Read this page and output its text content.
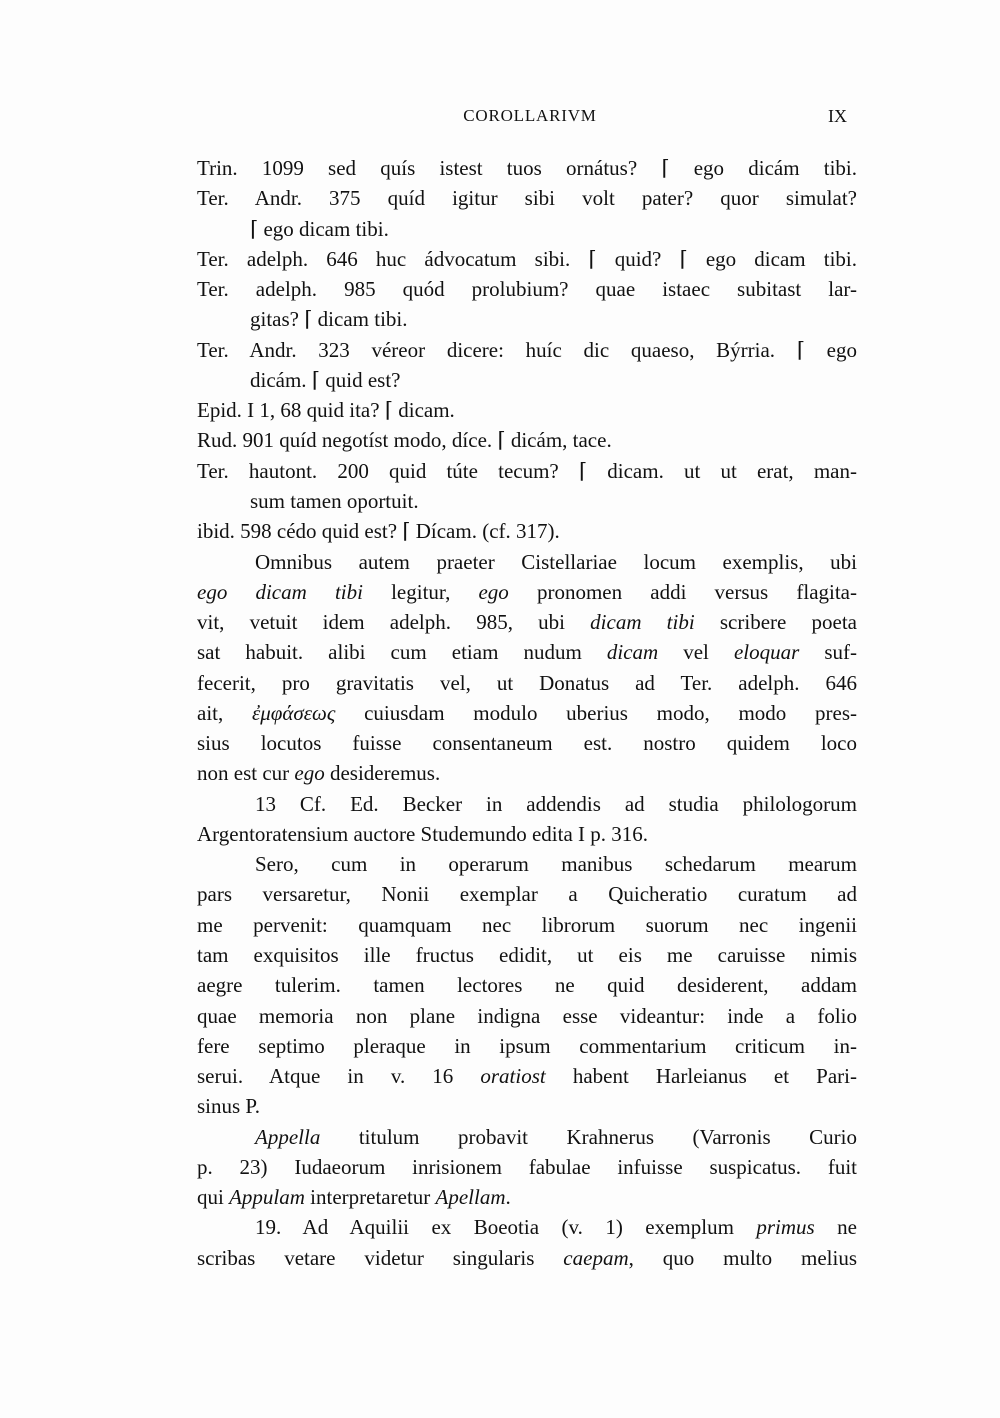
COROLLARIVM	IX
Trin. 1099 sed quís istest tuos ornátus? ⌈ ego dicám tibi.
Ter. Andr. 375 quíd igitur sibi volt pater? quor simulat?
⌈ ego dicam tibi.
Ter. adelph. 646 huc ádvocatum sibi. ⌈ quid? ⌈ ego dicam tibi.
Ter. adelph. 985 quód prolubium? quae istaec subitast lar-
gitas? ⌈ dicam tibi.
Ter. Andr. 323 véreor dicere: huíc dic quaeso, Býrria. ⌈ ego
dicám. ⌈ quid est?
Epid. I 1, 68 quid ita? ⌈ dicam.
Rud. 901 quíd negotíst modo, díce. ⌈ dicám, tace.
Ter. hautont. 200 quid túte tecum? ⌈ dicam. ut ut erat, man-
sum tamen oportuit.
ibid. 598 cédo quid est? ⌈ Dícam. (cf. 317).
Omnibus autem praeter Cistellariae locum exemplis, ubi
ego dicam tibi legitur, ego pronomen addi versus flagita-
vit, vetuit idem adelph. 985, ubi dicam tibi scribere poeta
sat habuit. alibi cum etiam nudum dicam vel eloquar suf-
fecerit, pro gravitatis vel, ut Donatus ad Ter. adelph. 646
ait, ἐμφάσεως cuiusdam modulo uberius modo, modo pres-
sius locutos fuisse consentaneum est. nostro quidem loco
non est cur ego desideremus.
13 Cf. Ed. Becker in addendis ad studia philologorum
Argentoratensium auctore Studemundo edita I p. 316.
Sero, cum in operarum manibus schedarum mearum
pars versaretur, Nonii exemplar a Quicheratio curatum ad
me pervenit: quamquam nec librorum suorum nec ingenii
tam exquisitos ille fructus edidit, ut eis me caruisse nimis
aegre tulerim. tamen lectores ne quid desiderent, addam
quae memoria non plane indigna esse videantur: inde a folio
fere septimo pleraque in ipsum commentarium criticum in-
serui. Atque in v. 16 oratiost habent Harleianus et Pari-
sinus P.
Appella titulum probavit Krahnerus (Varronis Curio
p. 23) Iudaeorum inrisionem fabulae infuisse suspicatus. fuit
qui Appulam interpretaretur Apellam.
19. Ad Aquilii ex Boeotia (v. 1) exemplum primus ne
scribas vetare videtur singularis caepam, quo multo melius
